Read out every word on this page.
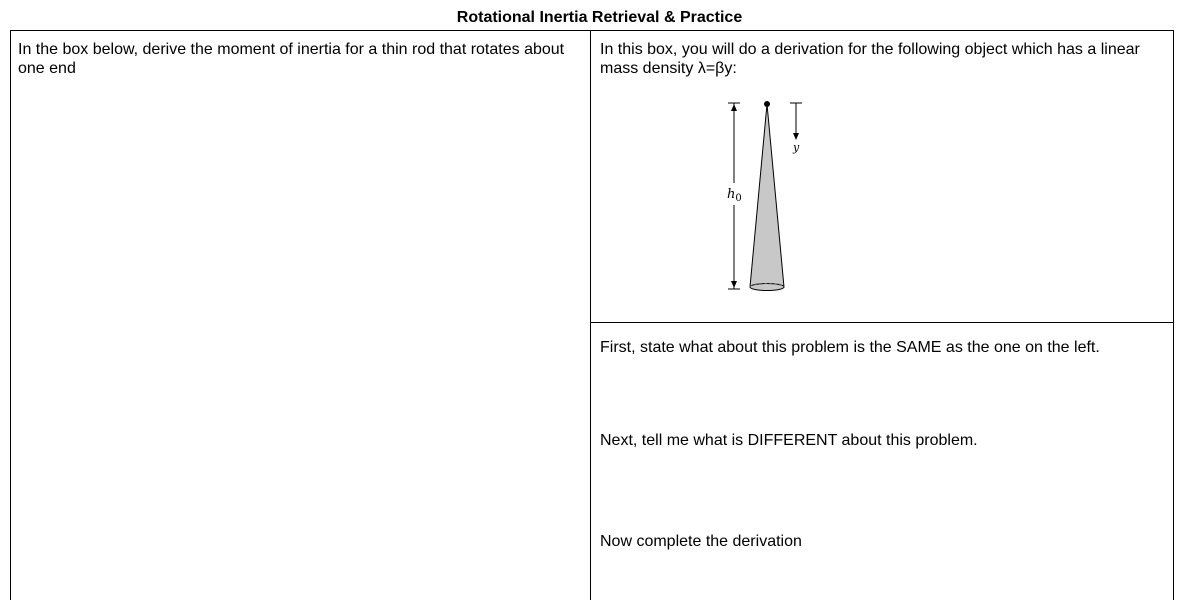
Rotational Inertia Retrieval & Practice
In the box below, derive the moment of inertia for a thin rod that rotates about one end
In this box, you will do a derivation for the following object which has a linear mass density λ=βy:
$h_0$
y
First, state what about this problem is the SAME as the one on the left.
Next, tell me what is DIFFERENT about this problem.
Now complete the derivation
